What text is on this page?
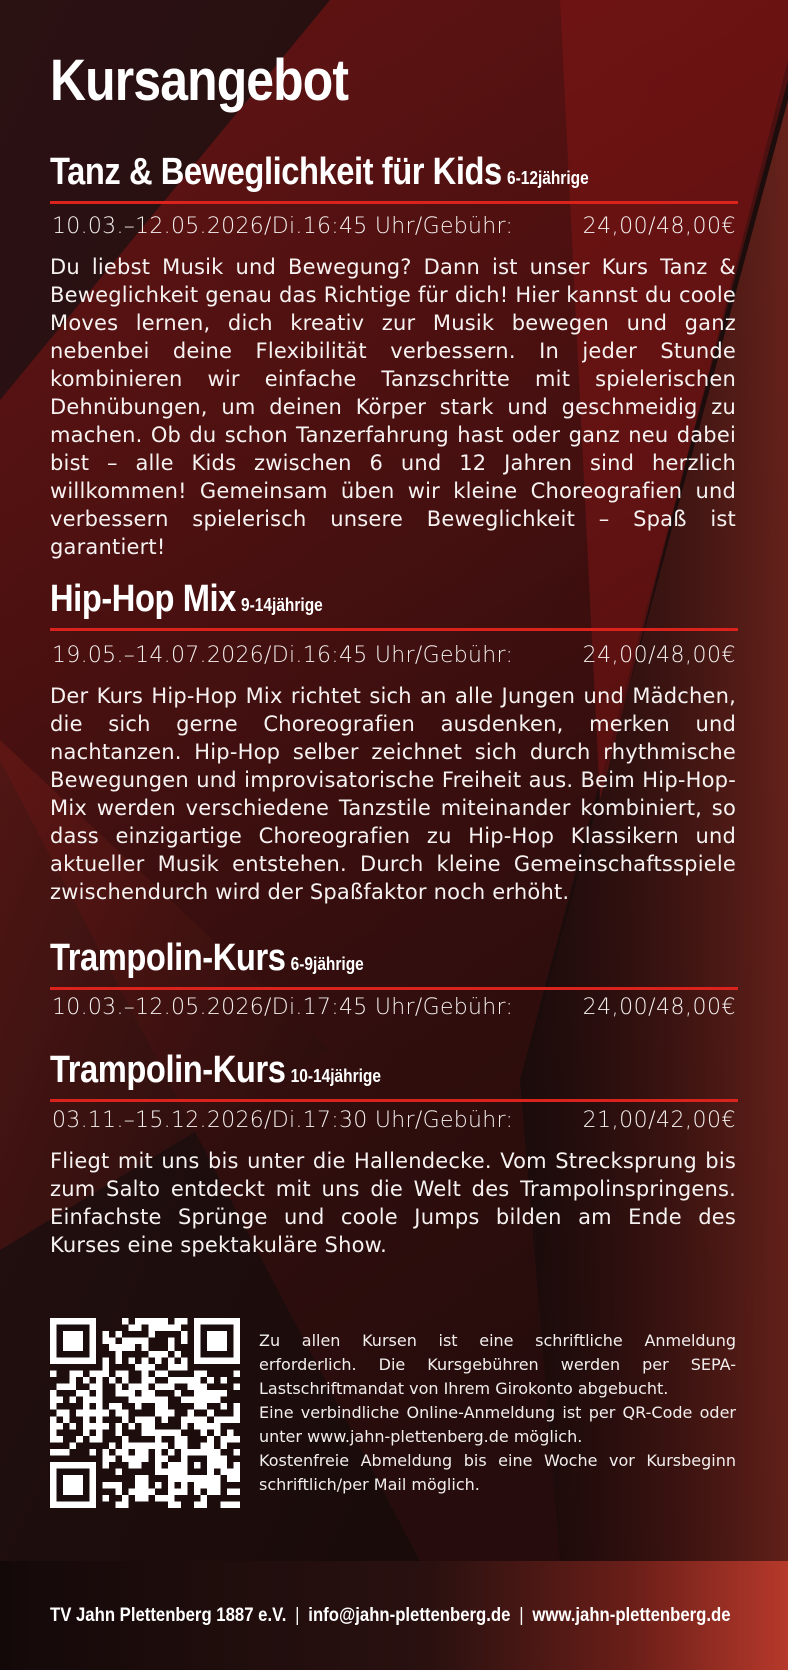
Kursangebot
Tanz & Beweglichkeit für Kids 6-12jährige
10.03.–12.05.2026/Di.16:45 Uhr/Gebühr:	24,00/48,00€

Du liebst Musik und Bewegung? Dann ist unser Kurs Tanz & Beweglichkeit genau das Richtige für dich! Hier kannst du coole Moves lernen, dich kreativ zur Musik bewegen und ganz nebenbei deine Flexibilität verbessern. In jeder Stunde kombinieren wir einfache Tanzschritte mit spielerischen Dehnübungen, um deinen Körper stark und geschmeidig zu machen. Ob du schon Tanzerfahrung hast oder ganz neu dabei bist – alle Kids zwischen 6 und 12 Jahren sind herzlich willkommen! Gemeinsam üben wir kleine Choreografien und verbessern spielerisch unsere Beweglichkeit – Spaß ist garantiert!

Hip-Hop Mix 9-14jährige
19.05.–14.07.2026/Di.16:45 Uhr/Gebühr:	24,00/48,00€

Der Kurs Hip-Hop Mix richtet sich an alle Jungen und Mädchen, die sich gerne Choreografien ausdenken, merken und nachtanzen. Hip-Hop selber zeichnet sich durch rhythmische Bewegungen und improvisatorische Freiheit aus. Beim Hip-Hop-Mix werden verschiedene Tanzstile miteinander kombiniert, so dass einzigartige Choreografien zu Hip-Hop Klassikern und aktueller Musik entstehen. Durch kleine Gemeinschaftsspiele zwischendurch wird der Spaßfaktor noch erhöht.

Trampolin-Kurs 6-9jährige
10.03.–12.05.2026/Di.17:45 Uhr/Gebühr:	24,00/48,00€
Trampolin-Kurs 10-14jährige
03.11.–15.12.2026/Di.17:30 Uhr/Gebühr:	21,00/42,00€

Fliegt mit uns bis unter die Hallendecke. Vom Strecksprung bis zum Salto entdeckt mit uns die Welt des Trampolinspringens. Einfachste Sprünge und coole Jumps bilden am Ende des Kurses eine spektakuläre Show.

Zu allen Kursen ist eine schriftliche Anmeldung erforderlich. Die Kursgebühren werden per SEPA-Lastschriftmandat von Ihrem Girokonto abgebucht.

Eine verbindliche Online-Anmeldung ist per QR-Code oder unter www.jahn-plettenberg.de möglich.

Kostenfreie Abmeldung bis eine Woche vor Kursbeginn schriftlich/per Mail möglich.

TV Jahn Plettenberg 1887 e.V. | info@jahn-plettenberg.de | www.jahn-plettenberg.de
